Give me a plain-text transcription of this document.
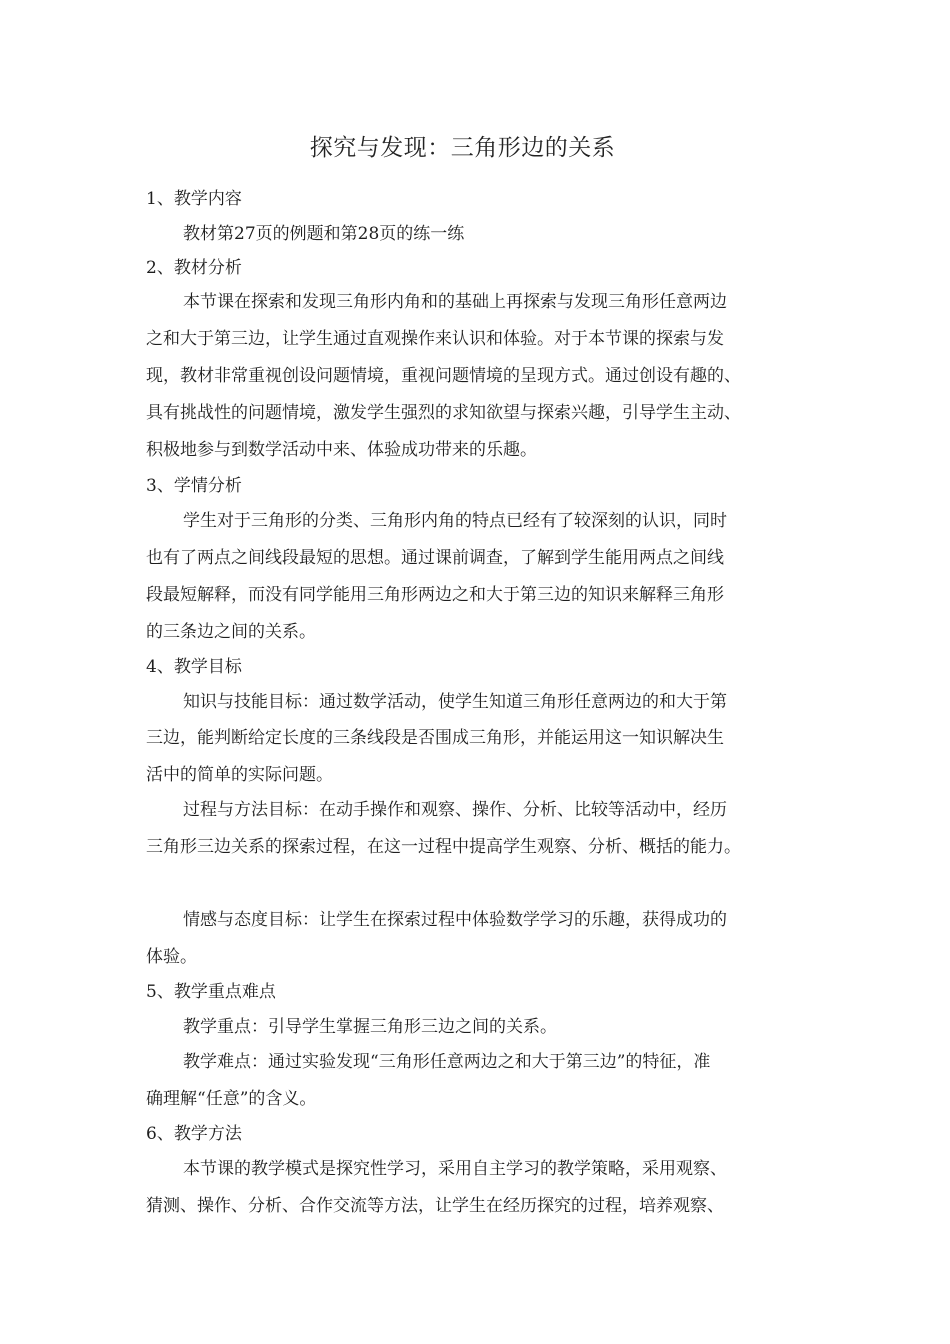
探究与发现：三角形边的关系
1、教学内容
教材第27页的例题和第28页的练一练
2、教材分析
本节课在探索和发现三角形内角和的基础上再探索与发现三角形任意两边
之和大于第三边，让学生通过直观操作来认识和体验。对于本节课的探索与发
现，教材非常重视创设问题情境，重视问题情境的呈现方式。通过创设有趣的、
具有挑战性的问题情境，激发学生强烈的求知欲望与探索兴趣，引导学生主动、
积极地参与到数学活动中来、体验成功带来的乐趣。
3、学情分析
学生对于三角形的分类、三角形内角的特点已经有了较深刻的认识，同时
也有了两点之间线段最短的思想。通过课前调查，了解到学生能用两点之间线
段最短解释，而没有同学能用三角形两边之和大于第三边的知识来解释三角形
的三条边之间的关系。
4、教学目标
知识与技能目标：通过数学活动，使学生知道三角形任意两边的和大于第
三边，能判断给定长度的三条线段是否围成三角形，并能运用这一知识解决生
活中的简单的实际问题。
过程与方法目标：在动手操作和观察、操作、分析、比较等活动中，经历
三角形三边关系的探索过程，在这一过程中提高学生观察、分析、概括的能力。
情感与态度目标：让学生在探索过程中体验数学学习的乐趣，获得成功的
体验。
5、教学重点难点
教学重点：引导学生掌握三角形三边之间的关系。
教学难点：通过实验发现“三角形任意两边之和大于第三边”的特征，准
确理解“任意”的含义。
6、教学方法
本节课的教学模式是探究性学习，采用自主学习的教学策略，采用观察、
猜测、操作、分析、合作交流等方法，让学生在经历探究的过程，培养观察、
